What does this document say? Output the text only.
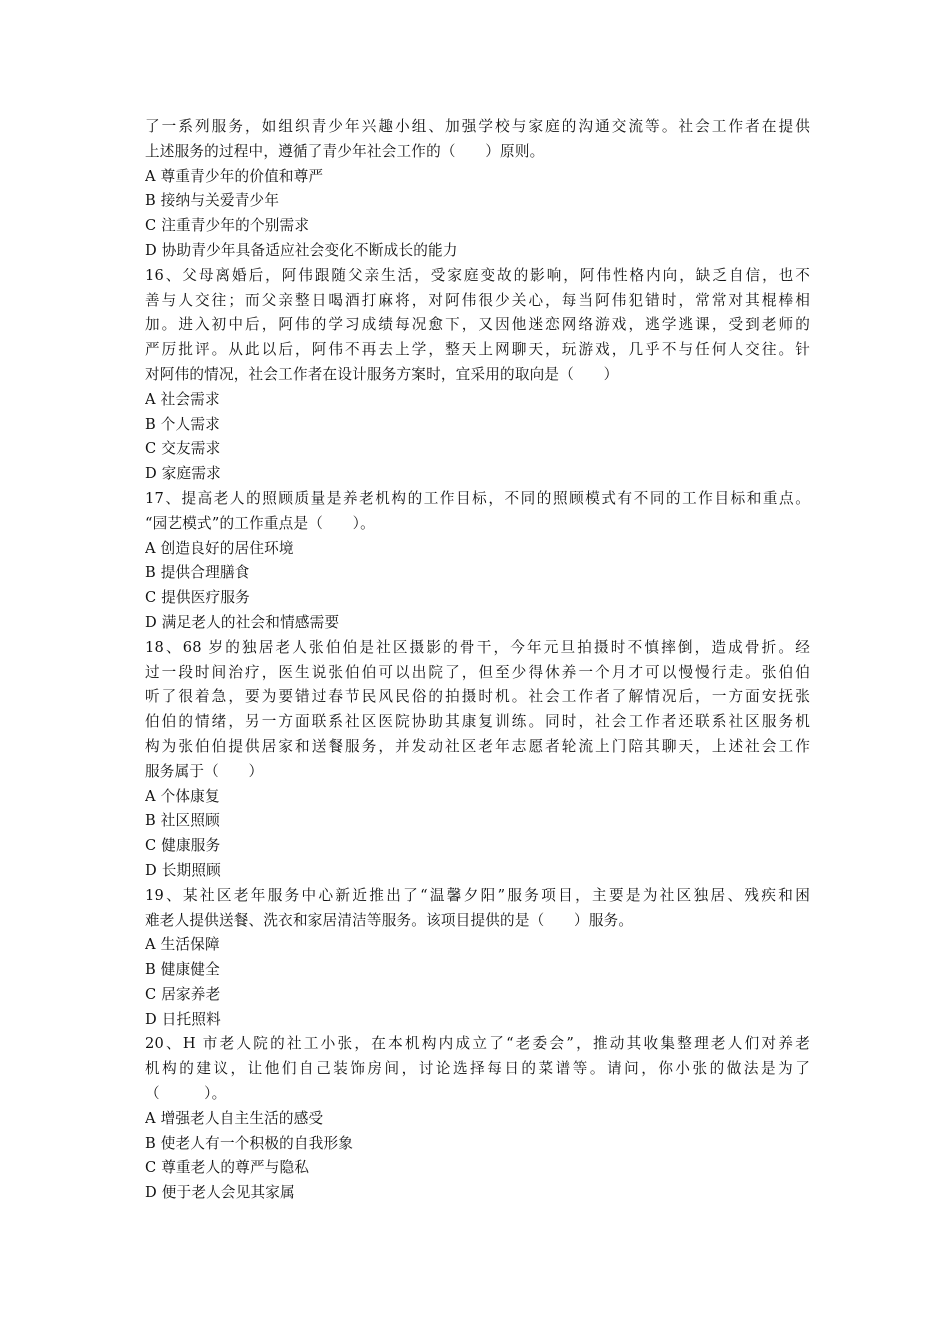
了一系列服务，如组织青少年兴趣小组、加强学校与家庭的沟通交流等。社会工作者在提供
上述服务的过程中，遵循了青少年社会工作的（　　）原则。
A 尊重青少年的价值和尊严
B 接纳与关爱青少年
C 注重青少年的个别需求
D 协助青少年具备适应社会变化不断成长的能力
16、父母离婚后，阿伟跟随父亲生活，受家庭变故的影响，阿伟性格内向，缺乏自信，也不
善与人交往；而父亲整日喝酒打麻将，对阿伟很少关心，每当阿伟犯错时，常常对其棍棒相
加。进入初中后，阿伟的学习成绩每况愈下，又因他迷恋网络游戏，逃学逃课，受到老师的
严厉批评。从此以后，阿伟不再去上学，整天上网聊天，玩游戏，几乎不与任何人交往。针
对阿伟的情况，社会工作者在设计服务方案时，宜采用的取向是（　　）
A 社会需求
B 个人需求
C 交友需求
D 家庭需求
17、提高老人的照顾质量是养老机构的工作目标，不同的照顾模式有不同的工作目标和重点。
“园艺模式”的工作重点是（　　）。
A 创造良好的居住环境
B 提供合理膳食
C 提供医疗服务
D 满足老人的社会和情感需要
18、68 岁的独居老人张伯伯是社区摄影的骨干，今年元旦拍摄时不慎摔倒，造成骨折。经
过一段时间治疗，医生说张伯伯可以出院了，但至少得休养一个月才可以慢慢行走。张伯伯
听了很着急，要为要错过春节民风民俗的拍摄时机。社会工作者了解情况后，一方面安抚张
伯伯的情绪，另一方面联系社区医院协助其康复训练。同时，社会工作者还联系社区服务机
构为张伯伯提供居家和送餐服务，并发动社区老年志愿者轮流上门陪其聊天，上述社会工作
服务属于（　　）
A 个体康复
B 社区照顾
C 健康服务
D 长期照顾
19、某社区老年服务中心新近推出了“温馨夕阳”服务项目，主要是为社区独居、残疾和困
难老人提供送餐、洗衣和家居清洁等服务。该项目提供的是（　　）服务。
A 生活保障
B 健康健全
C 居家养老
D 日托照料
20、H 市老人院的社工小张，在本机构内成立了“老委会”，推动其收集整理老人们对养老
机构的建议，让他们自己装饰房间，讨论选择每日的菜谱等。请问，你小张的做法是为了
（　　　）。
A 增强老人自主生活的感受
B 使老人有一个积极的自我形象
C 尊重老人的尊严与隐私
D 便于老人会见其家属
